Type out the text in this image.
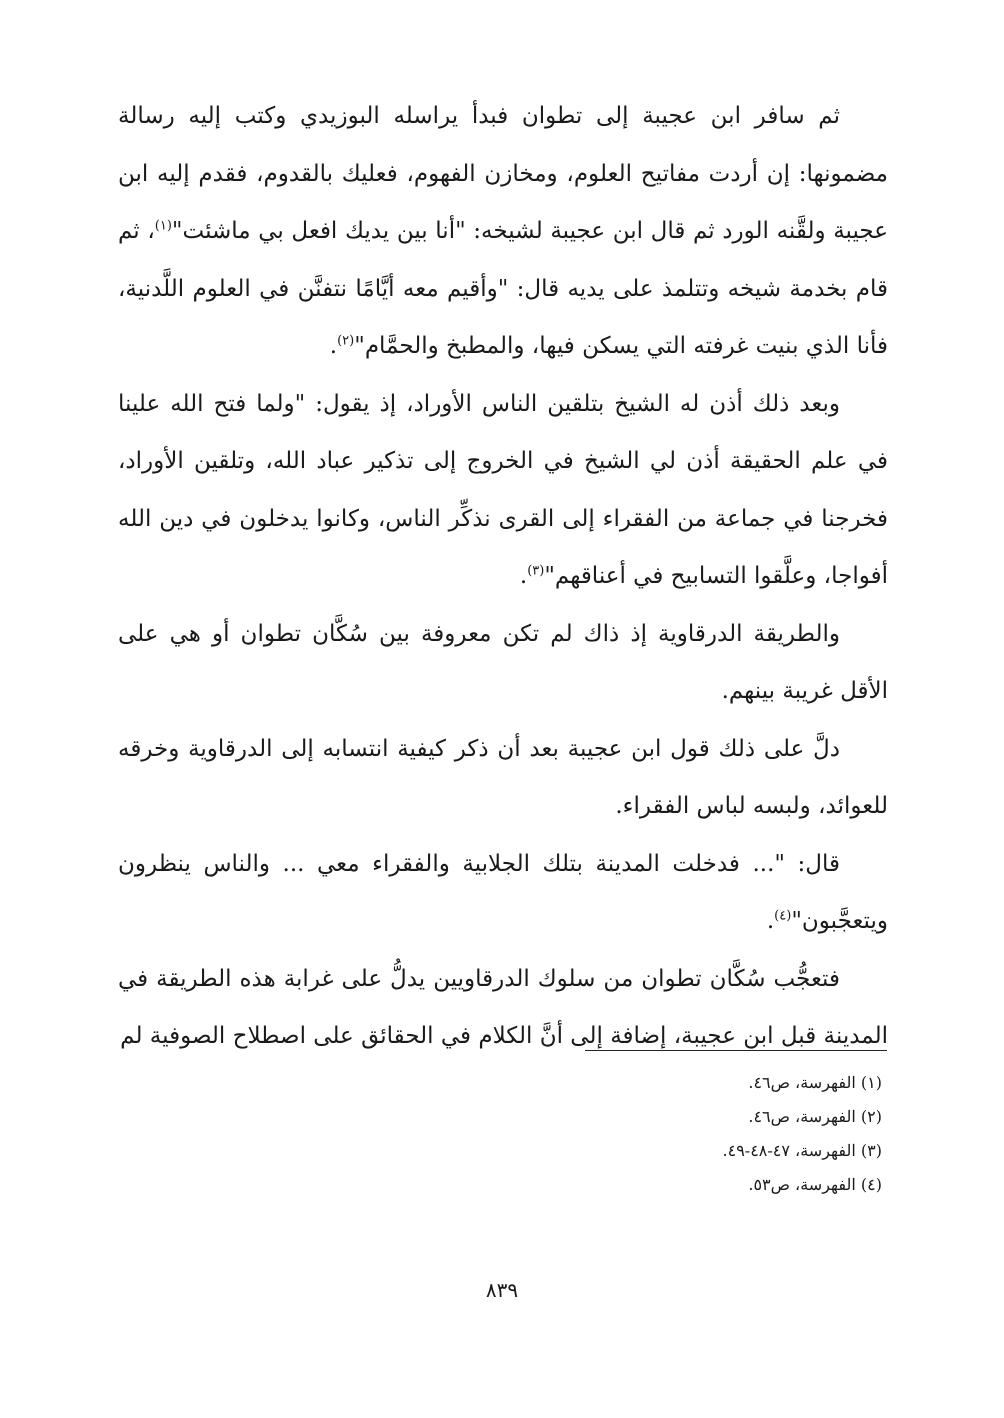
ثم سافر ابن عجيبة إلى تطوان فبدأ يراسله البوزيدي وكتب إليه رسالة مضمونها: إن أردت مفاتيح العلوم، ومخازن الفهوم، فعليك بالقدوم، فقدم إليه ابن عجيبة ولقَّنه الورد ثم قال ابن عجيبة لشيخه: "أنا بين يديك افعل بي ماشئت"$^{(١)}$، ثم قام بخدمة شيخه وتتلمذ على يديه قال: "وأقيم معه أيَّامًا نتفنَّن في العلوم اللَّدنية، فأنا الذي بنيت غرفته التي يسكن فيها، والمطبخ والحمَّام"$^{(٢)}$.

وبعد ذلك أذن له الشيخ بتلقين الناس الأوراد، إذ يقول: "ولما فتح الله علينا في علم الحقيقة أذن لي الشيخ في الخروج إلى تذكير عباد الله، وتلقين الأوراد، فخرجنا في جماعة من الفقراء إلى القرى نذكِّر الناس، وكانوا يدخلون في دين الله أفواجا، وعلَّقوا التسابيح في أعناقهم"$^{(٣)}$.

والطريقة الدرقاوية إذ ذاك لم تكن معروفة بين سُكَّان تطوان أو هي على الأقل غريبة بينهم.

دلَّ على ذلك قول ابن عجيبة بعد أن ذكر كيفية انتسابه إلى الدرقاوية وخرقه للعوائد، ولبسه لباس الفقراء.

قال: "... فدخلت المدينة بتلك الجلابية والفقراء معي ... والناس ينظرون ويتعجَّبون"$^{(٤)}$.

فتعجُّب سُكَّان تطوان من سلوك الدرقاويين يدلُّ على غرابة هذه الطريقة في المدينة قبل ابن عجيبة، إضافة إلى أنَّ الكلام في الحقائق على اصطلاح الصوفية لم

(١) الفهرسة، ص٤٦.

(٢) الفهرسة، ص٤٦.

(٣) الفهرسة، ٤٧-٤٨-٤٩.

(٤) الفهرسة، ص٥٣.

٨٣٩
